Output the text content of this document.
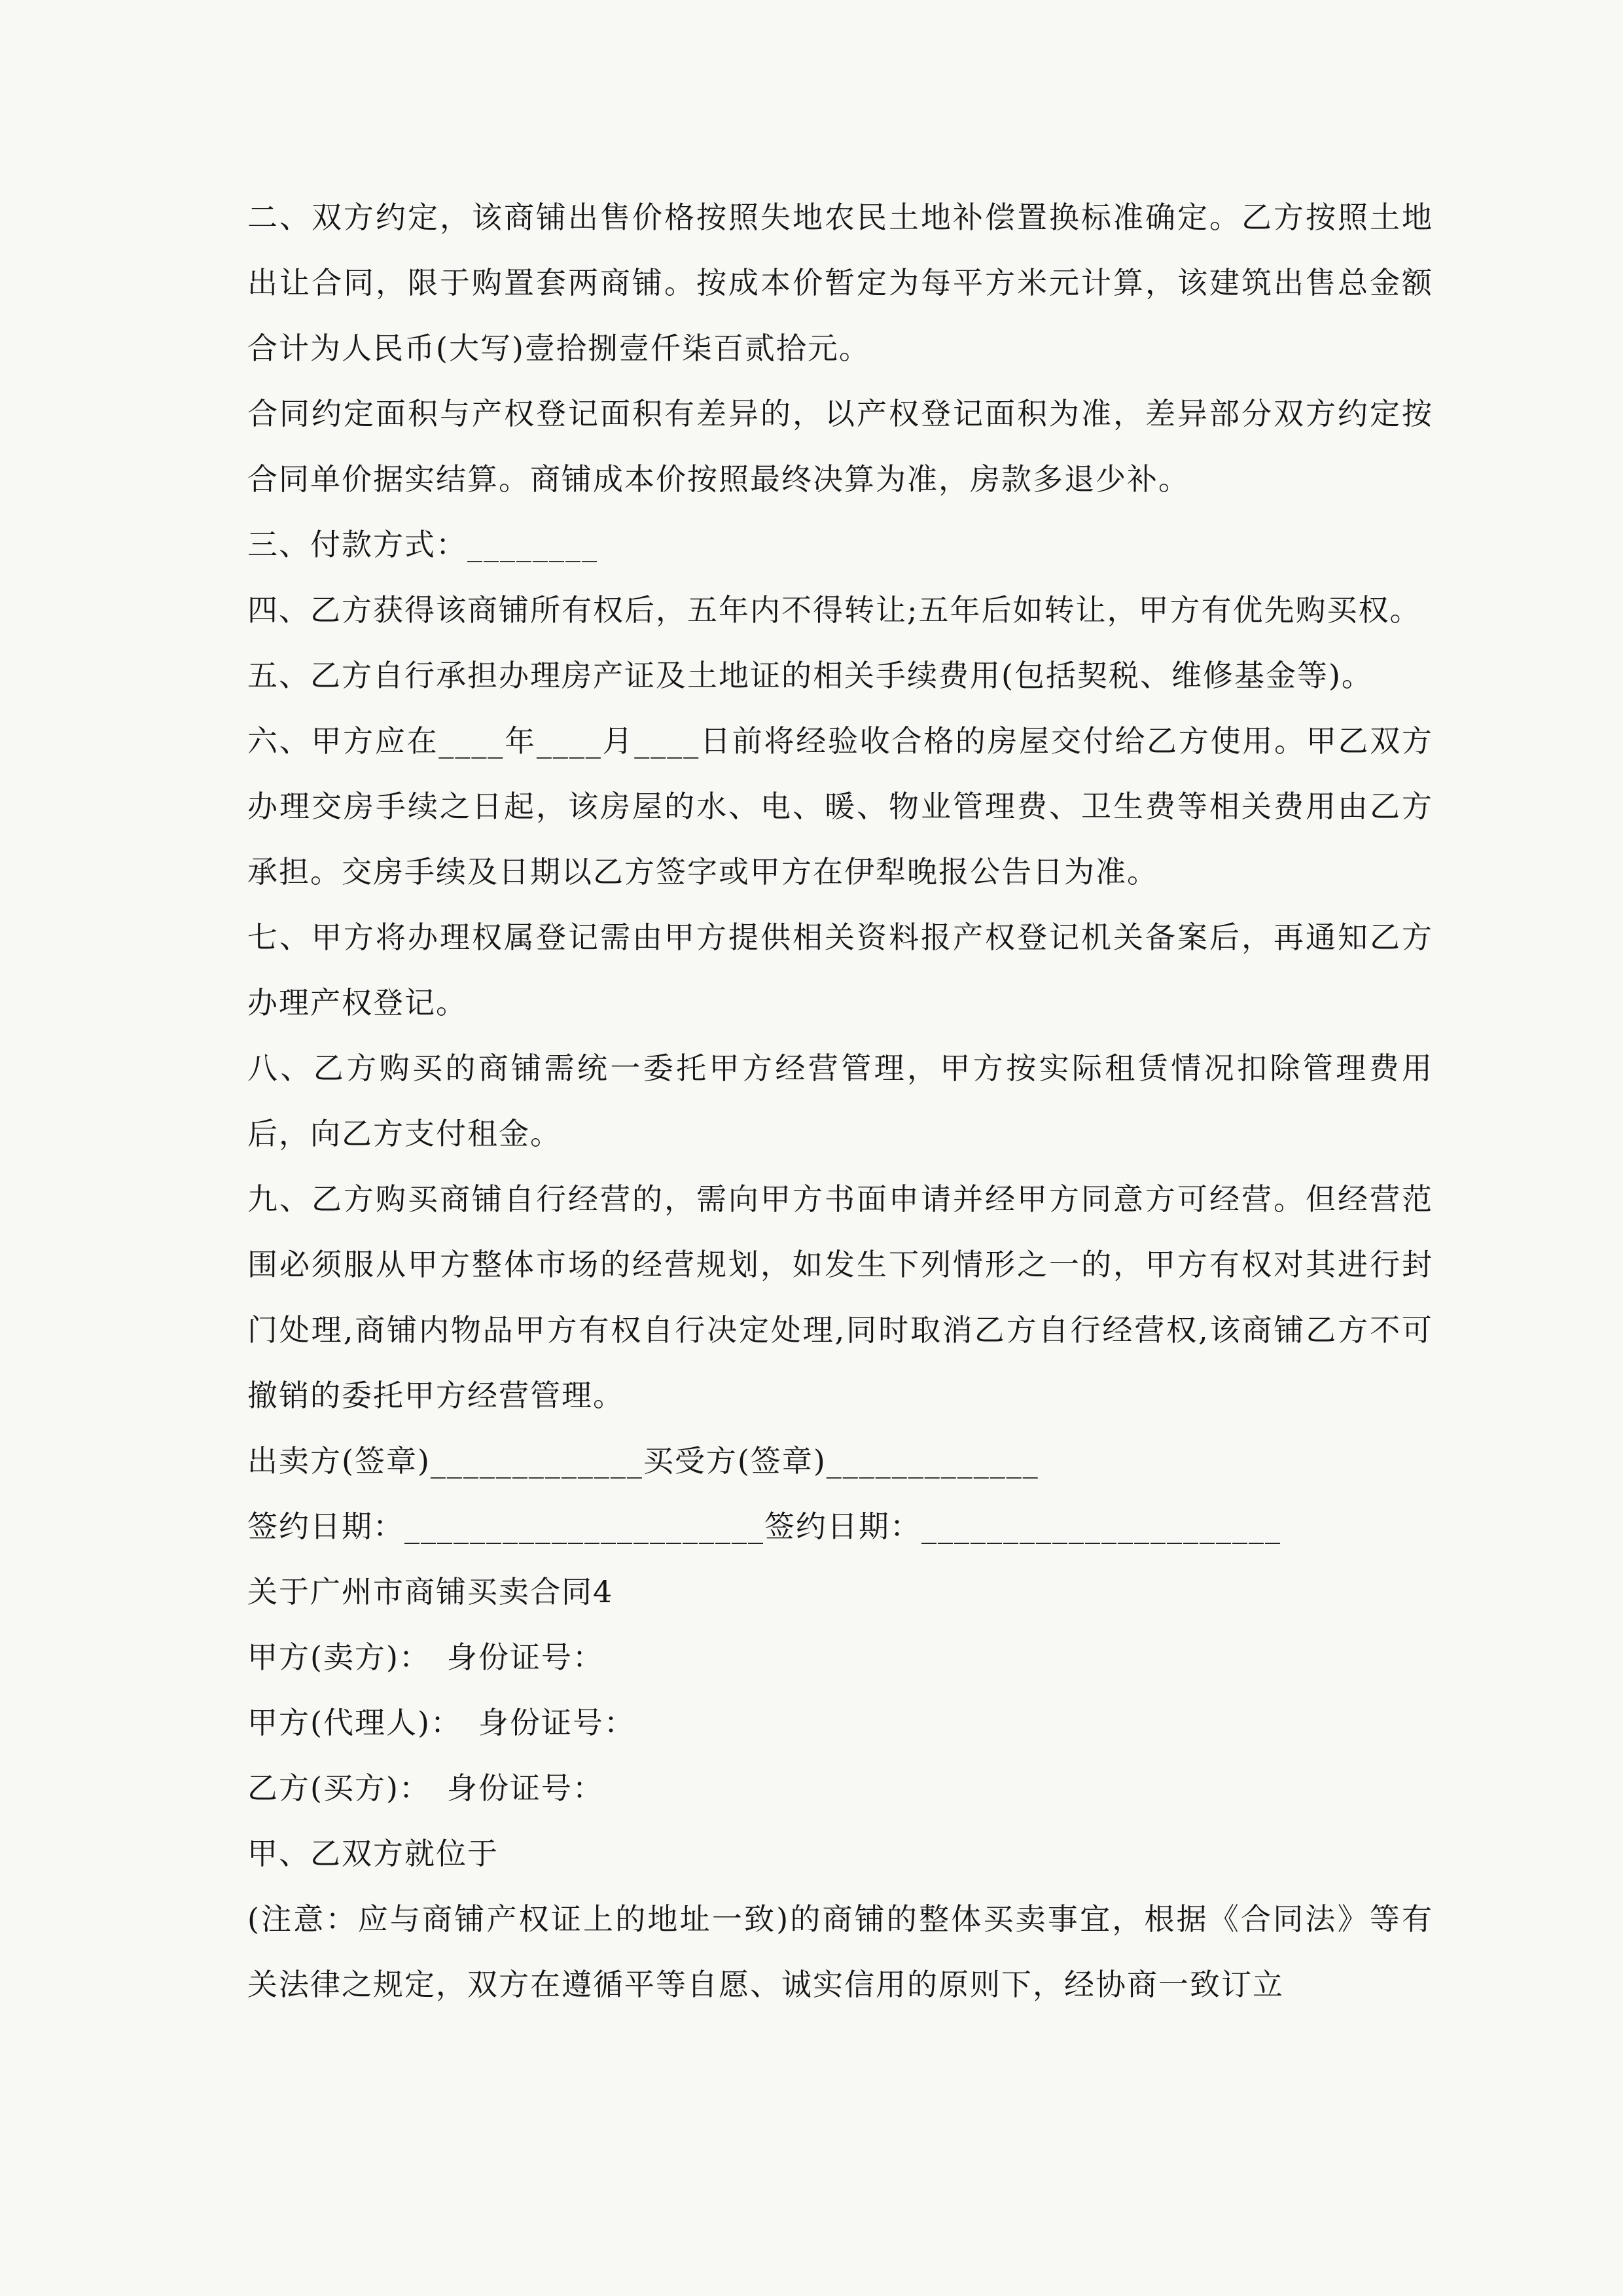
二、双方约定，该商铺出售价格按照失地农民土地补偿置换标准确定。乙方按照土地出让合同，限于购置套两商铺。按成本价暂定为每平方米元计算，该建筑出售总金额合计为人民币(大写)壹拾捌壹仟柒百贰拾元。

合同约定面积与产权登记面积有差异的，以产权登记面积为准，差异部分双方约定按合同单价据实结算。商铺成本价按照最终决算为准，房款多退少补。

三、付款方式：________

四、乙方获得该商铺所有权后，五年内不得转让;五年后如转让，甲方有优先购买权。

五、乙方自行承担办理房产证及土地证的相关手续费用(包括契税、维修基金等)。

六、甲方应在____年____月____日前将经验收合格的房屋交付给乙方使用。甲乙双方办理交房手续之日起，该房屋的水、电、暖、物业管理费、卫生费等相关费用由乙方承担。交房手续及日期以乙方签字或甲方在伊犁晚报公告日为准。

七、甲方将办理权属登记需由甲方提供相关资料报产权登记机关备案后，再通知乙方办理产权登记。

八、乙方购买的商铺需统一委托甲方经营管理，甲方按实际租赁情况扣除管理费用后，向乙方支付租金。

九、乙方购买商铺自行经营的，需向甲方书面申请并经甲方同意方可经营。但经营范围必须服从甲方整体市场的经营规划，如发生下列情形之一的，甲方有权对其进行封门处理,商铺内物品甲方有权自行决定处理,同时取消乙方自行经营权,该商铺乙方不可撤销的委托甲方经营管理。

出卖方(签章)_____________买受方(签章)_____________

签约日期：______________________签约日期：______________________

关于广州市商铺买卖合同4

甲方(卖方)：　身份证号：

甲方(代理人)：　身份证号：

乙方(买方)：　身份证号：

甲、乙双方就位于

(注意：应与商铺产权证上的地址一致)的商铺的整体买卖事宜，根据《合同法》等有关法律之规定，双方在遵循平等自愿、诚实信用的原则下，经协商一致订立
